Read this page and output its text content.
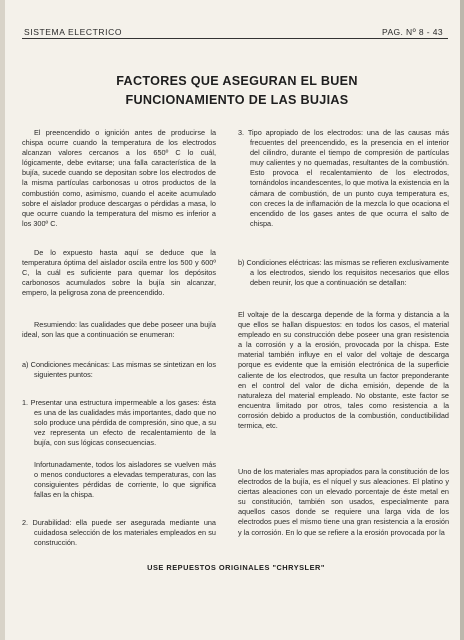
SISTEMA ELECTRICO	PAG. Nº 8 - 43
FACTORES QUE ASEGURAN EL BUEN
FUNCIONAMIENTO DE LAS BUJIAS

El preencendido o ignición antes de producirse la chispa ocurre cuando la temperatura de los electrodos alcanzan valores cercanos a los 650º C lo cuál, lógicamente, debe evitarse; una falla característica de la bujía, sucede cuando se depositan sobre los electrodos de la misma partículas carbonosas u otros productos de la combustión como, asimismo, cuando el aceite acumulado sobre el aislador produce descargas o pérdidas a masa, lo que ocurre cuando la temperatura del mismo es inferior a los 300º C.

De lo expuesto hasta aquí se deduce que la temperatura óptima del aislador oscila entre los 500 y 600º C, la cuál es suficiente para quemar los depósitos carbonosos acumulados sobre la bujía sin alcanzar, empero, la peligrosa zona de preencendido.

Resumiendo: las cualidades que debe poseer una bujía ideal, son las que a continuación se enumeran:

a) Condiciones mecánicas: Las mismas se sintetizan en los siguientes puntos:

1. Presentar una estructura impermeable a los gases: ésta es una de las cualidades más importantes, dado que no solo produce una pérdida de compresión, sino que, a su vez representa un efecto de recalentamiento de la bujía, con sus lógicas consecuencias.

Infortunadamente, todos los aisladores se vuelven más o menos conductores a elevadas temperaturas, con las consiguientes pérdidas de corriente, lo que significa fallas en la chispa.

2. Durabilidad: ella puede ser asegurada mediante una cuidadosa selección de los materiales empleados en su construcción.

3. Tipo apropiado de los electrodos: una de las causas más frecuentes del preencendido, es la presencia en el interior del cilindro, durante el tiempo de compresión de partículas muy calientes y no quemadas, resultantes de la combustión. Esto provoca el recalentamiento de los electrodos, tornándolos incandescentes, lo que motiva la existencia en la cámara de combustión, de un punto cuya temperatura es, con creces la de inflamación de la mezcla lo que ocaciona el encendido de los gases antes de que ocurra el salto de chispa.

b) Condiciones eléctricas: las mismas se refieren exclusivamente a los electrodos, siendo los requisitos necesarios que ellos deben reunir, los que a continuación se detallan:

El voltaje de la descarga depende de la forma y distancia a la que ellos se hallan dispuestos: en todos los casos, el material empleado en su construcción debe poseer una gran resistencia a la corrosión y a la erosión, provocada por la chispa. Este material también influye en el valor del voltaje de descarga porque es evidente que la emisión electrónica de la superficie caliente de los electrodos, que resulta un factor preponderante en el control del valor de dicha emisión, depende de la naturaleza del material empleado. No obstante, este factor se encuentra limitado por otros, tales como resistencia a la corrosión debido a productos de la combustión, conductibilidad termica, etc.

Uno de los materiales mas apropiados para la constitución de los electrodos de la bujía, es el níquel y sus aleaciones. El platino y ciertas aleaciones con un elevado porcentaje de éste metal en su constitución, también son usados, especialmente para aquellos casos donde se requiere una larga vida de los electrodos pues el mismo tiene una gran resistencia a la erosión y la corrosión. En lo que se refiere a la erosión provocada por la

USE REPUESTOS ORIGINALES "CHRYSLER"
